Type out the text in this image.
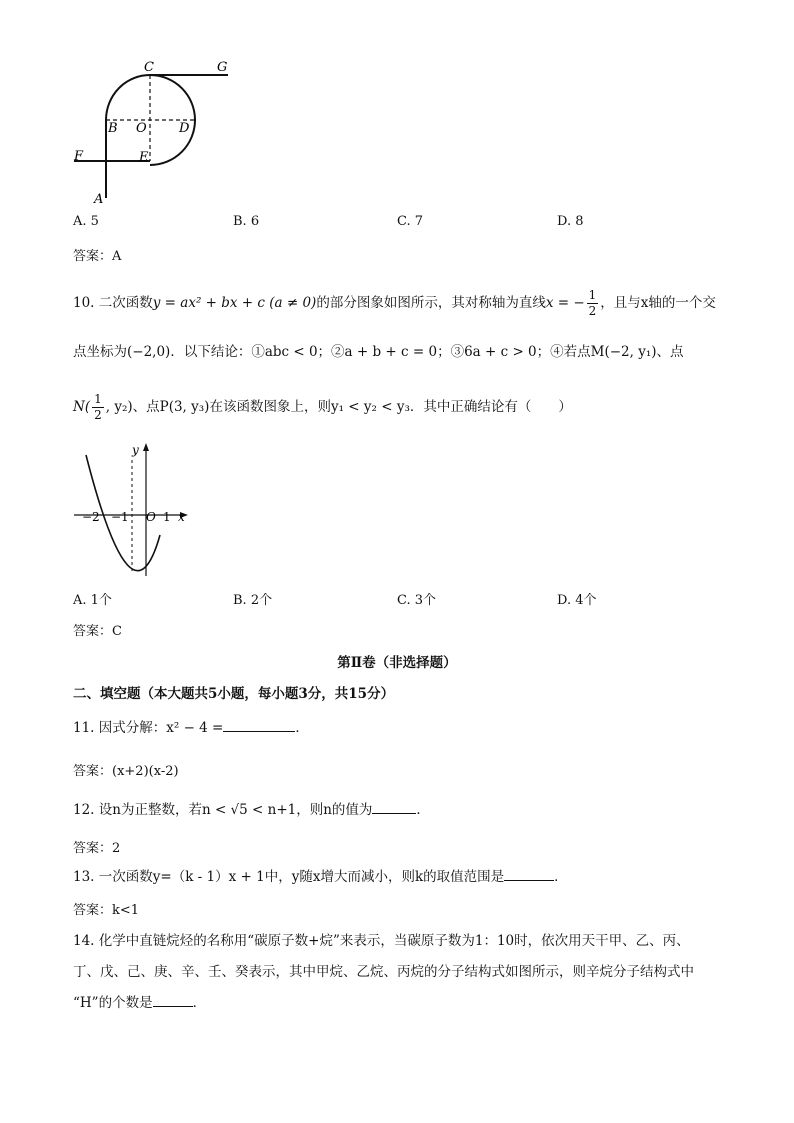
C	G
B O D
F	E
A
A. 5	B. 6	C. 7	D. 8
答案：A
10. 二次函数y = ax² + bx + c (a ≠ 0)的部分图象如图所示，其对称轴为直线x = − $\frac{1}{2}$ ，且与x轴的一个交
点坐标为(−2,0)．以下结论：①abc < 0；②a + b + c = 0；③6a + c > 0；④若点M(−2, y₁)、点
$N( \frac{1}{2}$ , y₂)、点P(3, y₃)在该函数图象上，则y₁ < y₂ < y₃．其中正确结论有（　　）
y
x
O
−2 −1	1
A. 1个	B. 2个	C. 3个	D. 4个
答案：C
第Ⅱ卷（非选择题）
二、填空题（本大题共5小题，每小题3分，共15分）
11. 因式分解：x² − 4 =	．
答案：(x+2)(x-2)
12. 设n为正整数，若n < √5 < n+1，则n的值为	．
答案：2
13. 一次函数y=（k - 1）x + 1中，y随x增大而减小，则k的取值范围是	．
答案：k<1
14. 化学中直链烷烃的名称用“碳原子数+烷”来表示，当碳原子数为1：10时，依次用天干甲、乙、丙、
丁、戊、己、庚、辛、壬、癸表示，其中甲烷、乙烷、丙烷的分子结构式如图所示，则辛烷分子结构式中
“H”的个数是	．
